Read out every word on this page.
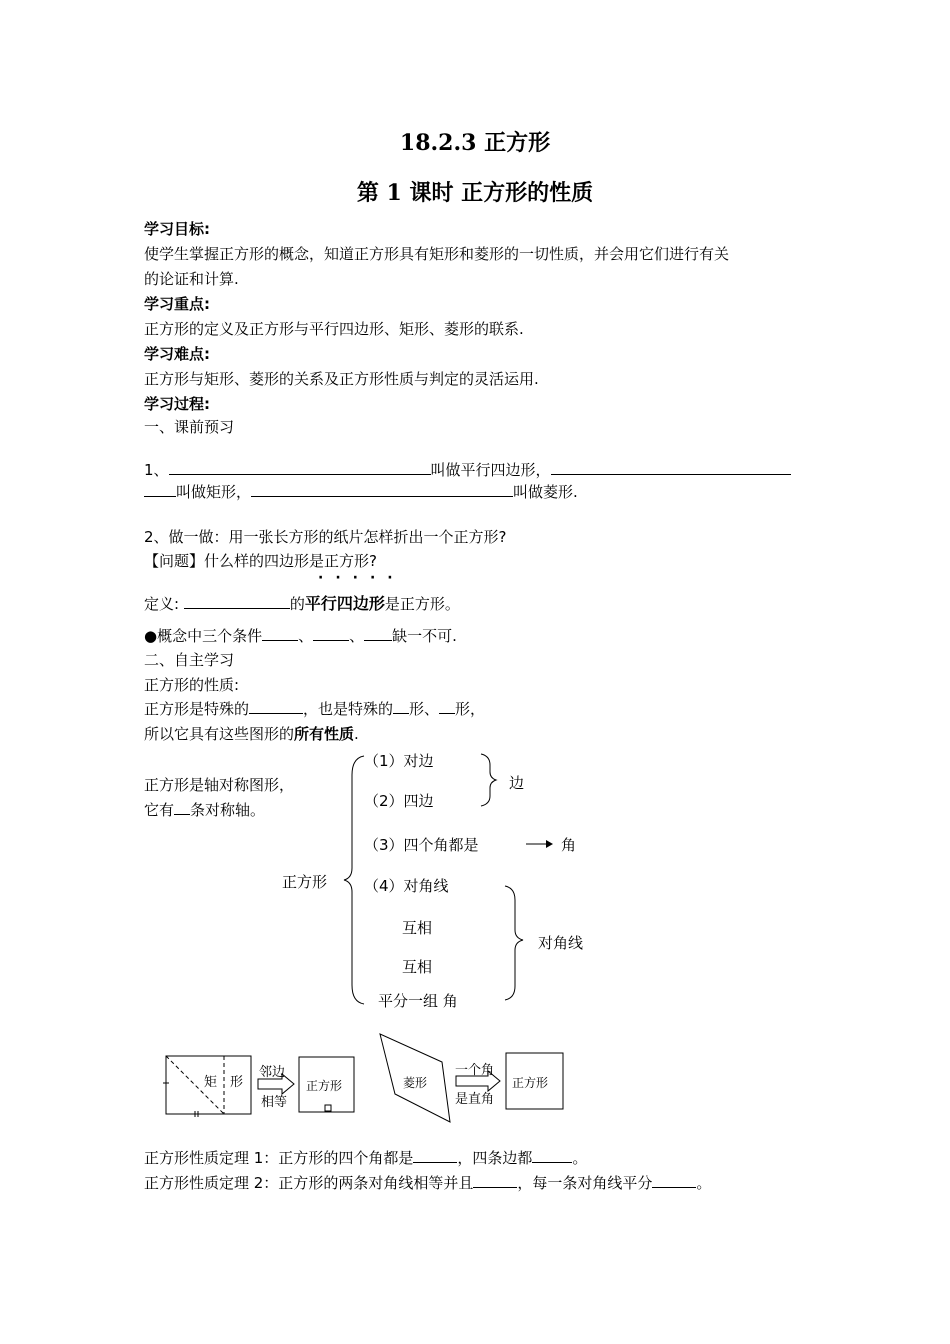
18.2.3 正方形
第 1 课时 正方形的性质
学习目标:
使学生掌握正方形的概念，知道正方形具有矩形和菱形的一切性质，并会用它们进行有关
的论证和计算.
学习重点:
正方形的定义及正方形与平行四边形、矩形、菱形的联系.
学习难点:
正方形与矩形、菱形的关系及正方形性质与判定的灵活运用.
学习过程:
一、课前预习
1、	叫做平行四边形，
叫做矩形，	叫做菱形.
2、做一做：用一张长方形的纸片怎样折出一个正方形?
【问题】什么样的四边形是正方形?
·····
定义:	的平行四边形是正方形。
●概念中三个条件 、 、 缺一不可.
二、自主学习
正方形的性质:
正方形是特殊的	，也是特殊的 形、 形，
所以它具有这些图形的所有性质.
正方形是轴对称图形，
它有 条对称轴。
正方形
（1）对边
（2）四边
边
（3）四个角都是	角
（4）对角线
互相
互相
平分一组 角
对角线
矩 形
邻边
相等
正方形	菱形
一个角
是直角
正方形
正方形性质定理 1：正方形的四个角都是	，四条边都	。
正方形性质定理 2：正方形的两条对角线相等并且	，每一条对角线平分	。
